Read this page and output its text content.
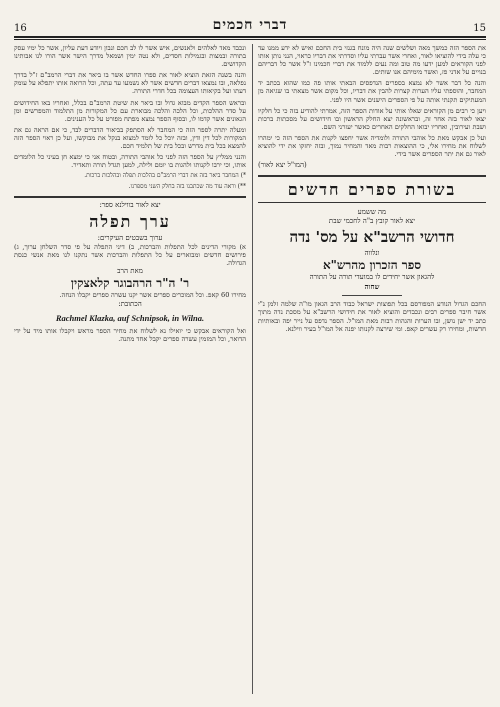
15
דברי חכמים
16

את הספר הזה כמשך מאה ושלשים שנה היה מונח בגנזי בית החכם ואיש לא ידע ממנו עד כי עלה בידי להוציאו לאור, ואחרי אשר עברתי עליו וסדרתי את דבריו כראוי, הנני נותן אותו לפני הקוראים למען ידעו מה טוב ומה נעים ללמוד את דברי חכמינו ז"ל אשר כל דבריהם בנויים על אדני פז, ואשר מימיהם אנו שותים.

והנה כל דבר אשר לא נמצא בספרים הנדפסים הבאתי אותו פה כמו שהוא בכתב יד המחבר, והוספתי עליו הערות קצרות להבין את דבריו, וכל מקום אשר מצאתי בו שגיאה מן המעתיקים תקנתי אותה על פי הספרים הישנים אשר היו לפני.

ויען כי רבים מן הקוראים שאלו אותי על אודות הספר הזה, אמרתי להודיע בזה כי כל חלקיו יצאו לאור בזה אחר זה, ובראשונה יצא החלק הראשון ובו חידושים על מסכתות ברכות ושבת ועירובין, ואחריו יבואו החלקים האחרים כאשר יעזרני השם.

ועל כן אבקש מאת כל אוהבי התורה ולומדיה אשר יחפצו לקנות את הספר הזה כי ימהרו לשלוח את מחירו אלי, כי ההוצאות רבות מאד והמחיר נמוך, ובזה יחזקו את ידי להוציא לאור גם את יתר הספרים אשר בידי.

(המו"ל יצא לאור)
בשורת ספרים חדשים
מה ששמע
יצא לאור קובץ ב"ה לחכמי שבת
חדושי הרשב"א על מס' נדה
ונלווה
ספר הזכרון מהרש"א
להגאון אשר יחידים לו במועדי תורה על התורה
שחוה
החכם הגדול הנודע המפורסם בכל תפוצות ישראל כבוד הרב הגאון מו"ה שלמה זלמן נ"י אשר חיבר ספרים רבים ונכבדים והוציא לאור את חידושי הרשב"א על מסכת נדה מתוך כתב יד ישן נושן, ובו הערות והגהות רבות מאת המו"ל. הספר נדפס על נייר יפה ובאותיות חדשות, ומחירו רק עשרים קאפ. ומי שירצה לקנותו יפנה אל המו"ל בעיר ווילנא.

ונכבד מאד לאלהים ולאנשים, איש אשר לו לב חכם ונבון ויודע דעת עליון, אשר כל ימיו עסק בתורה ובמצות ובגמילות חסדים, ולא נטה ימין ושמאל מדרך הישר אשר הורו לנו אבותינו הקדושים.

והנה בשנה הזאת הוציא לאור את ספרו החדש אשר בו ביאר את דברי הרמב"ם ז"ל בדרך נפלאה, ובו נמצאו דברים חדשים אשר לא נשמעו עד עתה, וכל הרואה אותו יתפלא על עומק דעתו ועל בקיאותו העצומה בכל חדרי התורה.

ובראש הספר הקדים מבוא גדול ובו ביאר את שיטת הרמב"ם בכלל, ואחריו באו החידושים על סדר ההלכות, וכל הלכה והלכה מבוארת עם כל המקורות מן התלמוד והמפרשים ומן הגאונים אשר קדמו לו, ובסוף הספר נמצא מפתח מפורט על כל הענינים.

ומעלה יתרה לספר הזה כי המחבר לא הסתפק בביאור הדברים לבד, כי אם הראה גם את המקורות לכל דין ודין, ובזה יוכל כל לומד למצוא בנקל את מבוקשו, ועל כן ראוי הספר הזה להמצא בכל בית מדרש ובכל בית של תלמיד חכם.

והנני ממליץ על הספר הזה לפני כל אוהבי התורה, ובטוח אני כי ימצא חן בעיני כל הלומדים אותו, וכי ירבו לקנותו ולהגות בו יומם ולילה, למען תגדל תורה ותאדיר.

*) המחבר ביאר בזה את דברי הרמב"ם בהלכות תפלה ובהלכות ברכות.

**) וראה עוד מה שכתבנו בזה בחלק השני מספרנו.

יצא לאור בווילנא ספר:
ערך תפלה
ערוך בשבטים העיקרים:
א) מקורי הדינים לכל התפלות והברכות, ב) דיני התפלה על פי סדר השלחן ערוך, ג) פירושים חדשים ומבוארים על כל התפלות והברכות אשר נתקנו לנו מאת אנשי כנסת הגדולה.
מאת הרב
ר' ה"ר הרהבוגר קלאצקין
מחירו 60 קאפ. וכל המוכרים ספרים אשר יקנו עשרה ספרים יקבלו הנחה.
הכתובת:
Rachmel Klazka, auf Schnipsok, in Wilna.
ואל הקוראים אבקש כי יואילו נא לשלוח את מחיר הספר מראש ויקבלו אותו מיד על ידי הדואר, וכל המזמין עשרה ספרים יקבל אחד מתנה.
